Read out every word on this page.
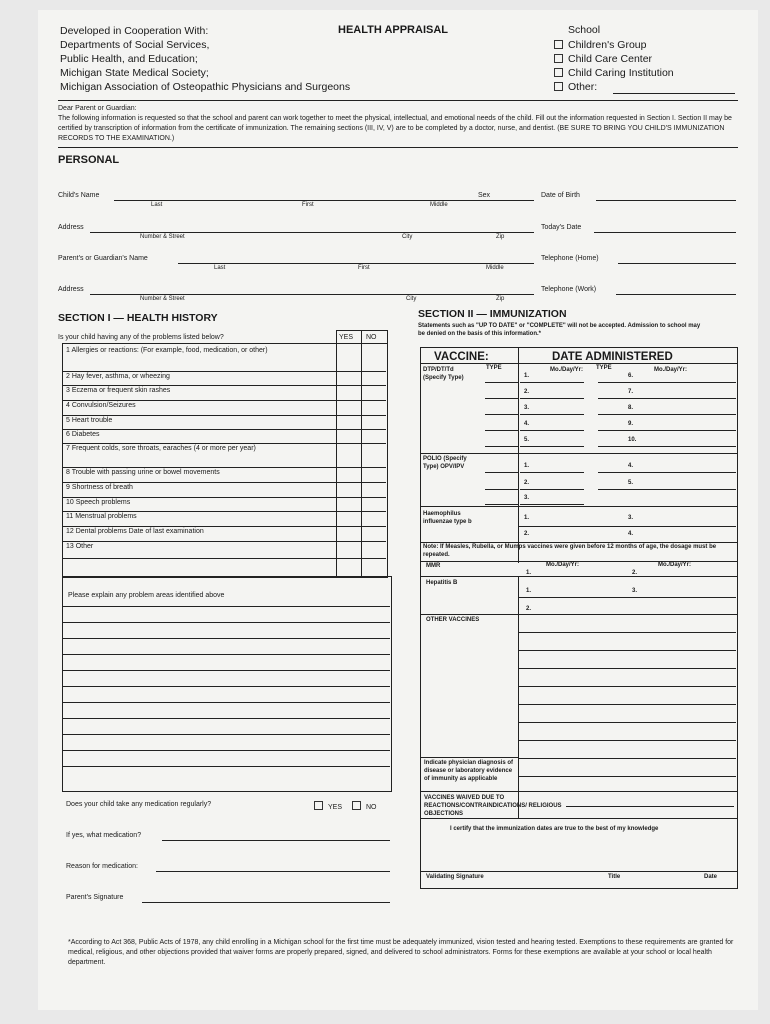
Developed in Cooperation With:
Departments of Social Services,
Public Health, and Education;
Michigan State Medical Society;
Michigan Association of Osteopathic Physicians and Surgeons
HEALTH APPRAISAL	School
Children's Group
Child Care Center
Child Caring Institution
Other:
Dear Parent or Guardian:
The following information is requested so that the school and parent can work together to meet the physical, intellectual, and emotional needs of the child. Fill out the information requested in Section I. Section II may be certified by transcription of information from the certificate of immunization. The remaining sections (III, IV, V) are to be completed by a doctor, nurse, and dentist. (BE SURE TO BRING YOU CHILD'S IMMUNIZATION RECORDS TO THE EXAMINATION.)
PERSONAL
Child's Name
Last	First	Middle
Sex	Date of Birth
Address
Number & Street	City	Zip
Today's Date
Parent's or Guardian's Name
Last	First	Middle
Telephone (Home)
Address
Number & Street	City	Zip
Telephone (Work)
SECTION I — HEALTH HISTORY
Is your child having any of the problems listed below?	YES NO
1 Allergies or reactions: (For example, food, medication, or other)
2 Hay fever, asthma, or wheezing
3 Eczema or frequent skin rashes
4 Convulsion/Seizures
5 Heart trouble
6 Diabetes
7 Frequent colds, sore throats, earaches (4 or more per year)
8 Trouble with passing urine or bowel movements
9 Shortness of breath
10 Speech problems
11 Menstrual problems
12 Dental problems Date of last examination
13 Other
Please explain any problem areas identified above
Does your child take any medication regularly?	YES	NO
If yes, what medication?
Reason for medication:
Parent's Signature
SECTION II — IMMUNIZATION
Statements such as "UP TO DATE" or "COMPLETE" will not be accepted. Admission to school may be denied on the basis of this information.*
VACCINE:	DATE ADMINISTERED
DTP/DT/Td (Specify Type)
TYPE	Mo./Day/Yr: TYPE	Mo./Day/Yr:
1.	6.
2.	7.
3.	8.
4.	9.
5.	10.
POLIO (Specify Type) OPV/IPV	1.	4.
2.	5.
3.
Haemophilus influenzae type b
1.	3.
2.	4.
Note: If Measles, Rubella, or Mumps vaccines were given before 12 months of age, the dosage must be repeated.
MMR	Mo./Day/Yr:	Mo./Day/Yr:
1.	2.
Hepatitis B
1.	3.
2.
OTHER VACCINES
Indicate physician diagnosis of disease or laboratory evidence of immunity as applicable
VACCINES WAIVED DUE TO REACTIONS/CONTRAINDICATIONS/ RELIGIOUS OBJECTIONS
I certify that the immunization dates are true to the best of my knowledge
Validating Signature	Title	Date
*According to Act 368, Public Acts of 1978, any child enrolling in a Michigan school for the first time must be adequately immunized, vision tested and hearing tested. Exemptions to these requirements are granted for medical, religious, and other objections provided that waiver forms are properly prepared, signed, and delivered to school administrators. Forms for these exemptions are available at your school or local health department.
